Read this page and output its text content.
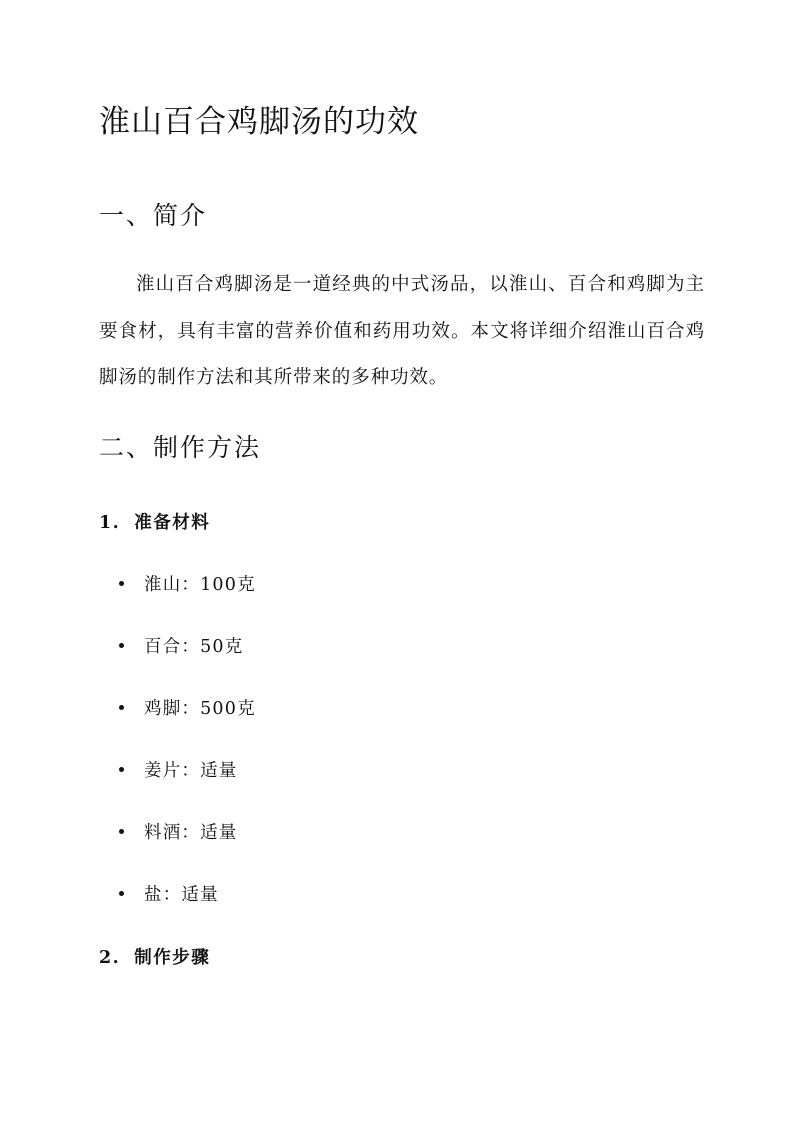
淮山百合鸡脚汤的功效
一、简介

淮山百合鸡脚汤是一道经典的中式汤品，以淮山、百合和鸡脚为主要食材，具有丰富的营养价值和药用功效。本文将详细介绍淮山百合鸡脚汤的制作方法和其所带来的多种功效。

二、制作方法
1. 准备材料
淮山：100克
百合：50克
鸡脚：500克
姜片：适量
料酒：适量
盐：适量
2. 制作步骤
